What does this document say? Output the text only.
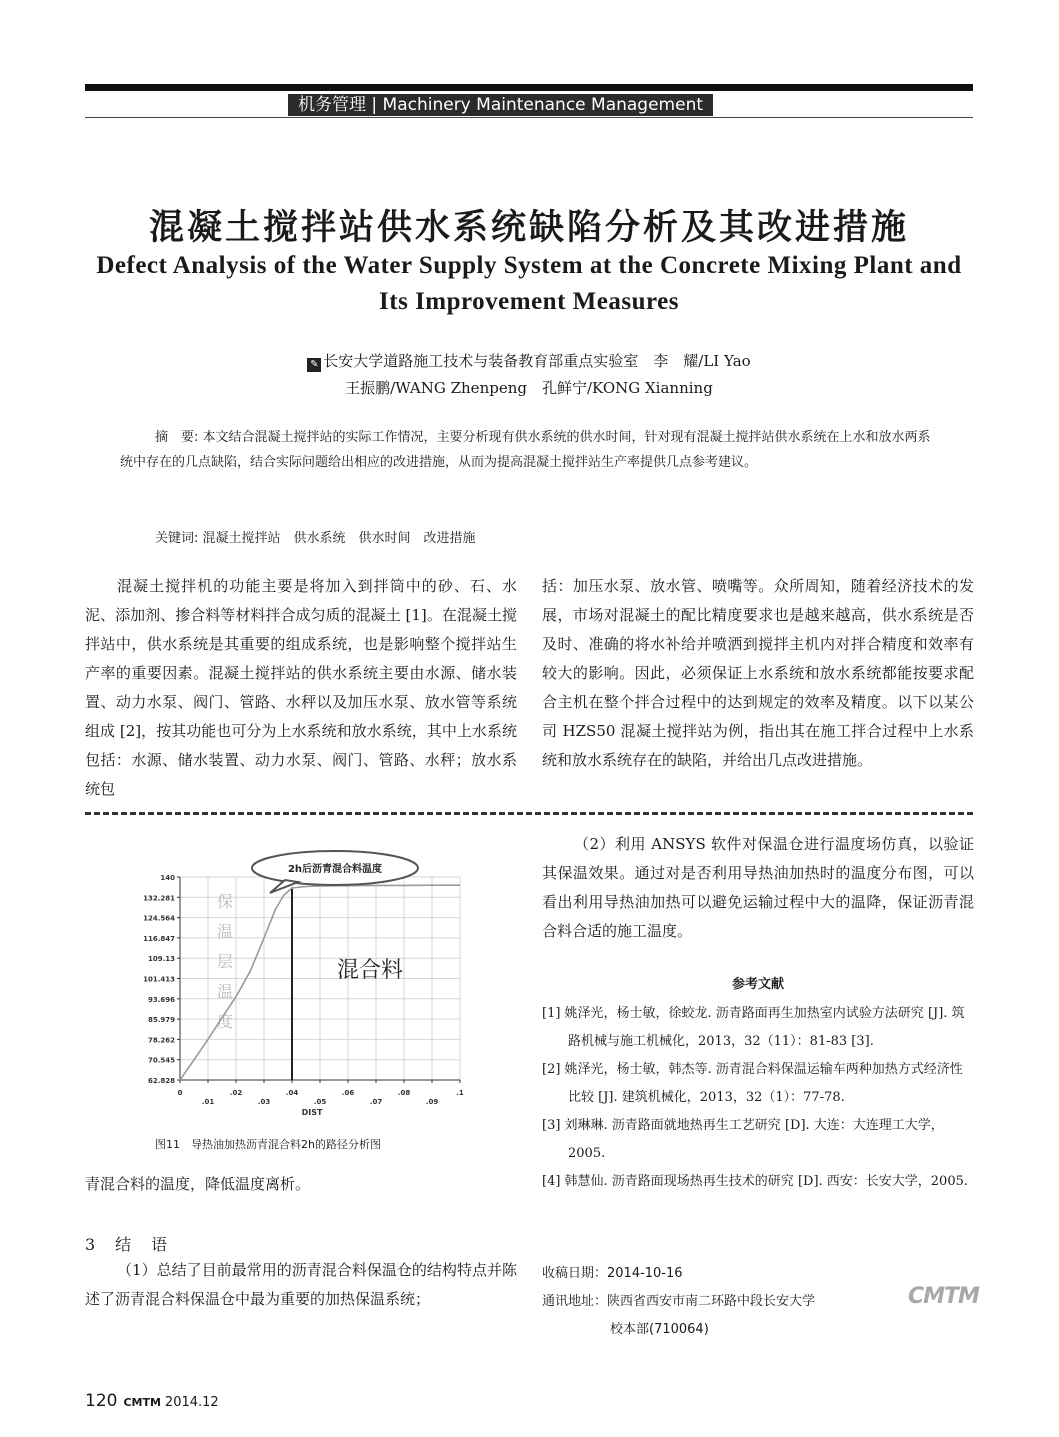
机务管理 | Machinery Maintenance Management
混凝土搅拌站供水系统缺陷分析及其改进措施
Defect Analysis of the Water Supply System at the Concrete Mixing Plant and Its Improvement Measures
✎ 长安大学道路施工技术与装备教育部重点实验室　李　耀/LI Yao
王振鹏/WANG Zhenpeng　孔鲜宁/KONG Xianning
摘　要: 本文结合混凝土搅拌站的实际工作情况，主要分析现有供水系统的供水时间，针对现有混凝土搅拌站供水系统在上水和放水两系统中存在的几点缺陷，结合实际问题给出相应的改进措施，从而为提高混凝土搅拌站生产率提供几点参考建议。
关键词: 混凝土搅拌站　供水系统　供水时间　改进措施
混凝土搅拌机的功能主要是将加入到拌筒中的砂、石、水泥、添加剂、掺合料等材料拌合成匀质的混凝土 [1]。在混凝土搅拌站中，供水系统是其重要的组成系统，也是影响整个搅拌站生产率的重要因素。混凝土搅拌站的供水系统主要由水源、储水装置、动力水泵、阀门、管路、水秤以及加压水泵、放水管等系统组成 [2]，按其功能也可分为上水系统和放水系统，其中上水系统包括：水源、储水装置、动力水泵、阀门、管路、水秤；放水系统包
括：加压水泵、放水管、喷嘴等。众所周知，随着经济技术的发展，市场对混凝土的配比精度要求也是越来越高，供水系统是否及时、准确的将水补给并喷洒到搅拌主机内对拌合精度和效率有较大的影响。因此，必须保证上水系统和放水系统都能按要求配合主机在整个拌合过程中的达到规定的效率及精度。以下以某公司 HZS50 混凝土搅拌站为例，指出其在施工拌合过程中上水系统和放水系统存在的缺陷，并给出几点改进措施。
62.828
70.545
78.262
85.979
93.696
101.413
109.13
116.847
124.564
132.281
140
0
.01
.02
.03
.04
.05
.06
.07
.08
.09
.1
DIST
保
温
层
温
度
混合料
2h后沥青混合料温度
图11　导热油加热沥青混合料2h的路径分析图
青混合料的温度，降低温度离析。
3　结　语
（1）总结了目前最常用的沥青混合料保温仓的结构特点并陈述了沥青混合料保温仓中最为重要的加热保温系统；
（2）利用 ANSYS 软件对保温仓进行温度场仿真，以验证其保温效果。通过对是否利用导热油加热时的温度分布图，可以看出利用导热油加热可以避免运输过程中大的温降，保证沥青混合料合适的施工温度。
参考文献
[1] 姚泽光，杨士敏，徐蛟龙. 沥青路面再生加热室内试验方法研究 [J]. 筑路机械与施工机械化，2013，32（11）：81-83 [3].
[2] 姚泽光，杨士敏，韩杰等. 沥青混合料保温运输车两种加热方式经济性比较 [J]. 建筑机械化，2013，32（1）：77-78.
[3] 刘琳琳. 沥青路面就地热再生工艺研究 [D]. 大连：大连理工大学，2005.
[4] 韩慧仙. 沥青路面现场热再生技术的研究 [D]. 西安：长安大学，2005.
收稿日期：2014-10-16
通讯地址：陕西省西安市南二环路中段长安大学
校本部(710064)
CMTM
120 CMTM 2014.12
